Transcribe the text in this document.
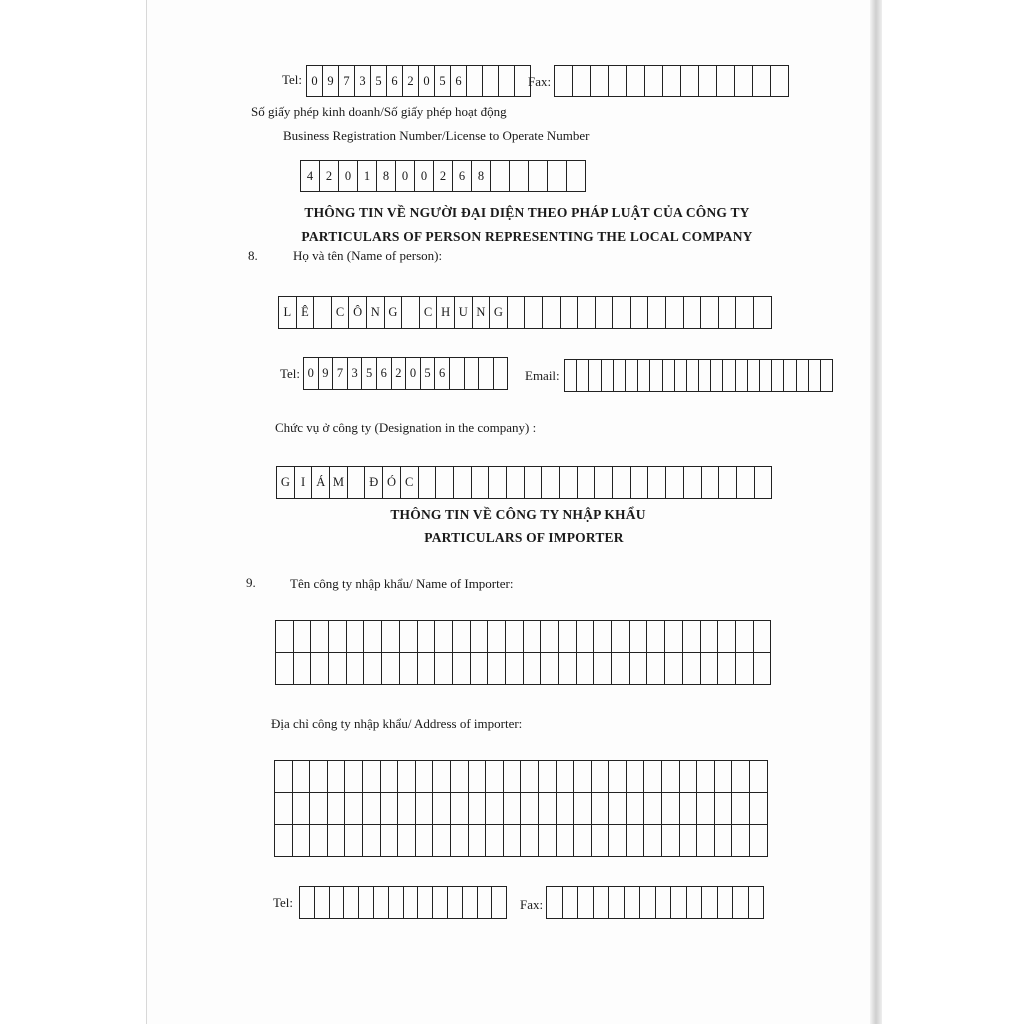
Tel: 0 9 7 3 5 6 2 0 5 6	Fax:
Số giấy phép kinh doanh/Số giấy phép hoạt động
Business Registration Number/License to Operate Number
4	2	0	1	8	0	0	2	6	8
THÔNG TIN VỀ NGƯỜI ĐẠI DIỆN THEO PHÁP LUẬT CỦA CÔNG TY
PARTICULARS OF PERSON REPRESENTING THE LOCAL COMPANY
8.	Họ và tên (Name of person):
L Ê	C Ô N G	C H U N G
Tel: 0 9 7 3 5 6 2 0 5 6	Email:
Chức vụ ở công ty (Designation in the company) :
G I Á M	Đ Ó C
THÔNG TIN VỀ CÔNG TY NHẬP KHẨU
PARTICULARS OF IMPORTER
9.	Tên công ty nhập khẩu/ Name of Importer:
Địa chỉ công ty nhập khẩu/ Address of importer:
Tel:	Fax:
